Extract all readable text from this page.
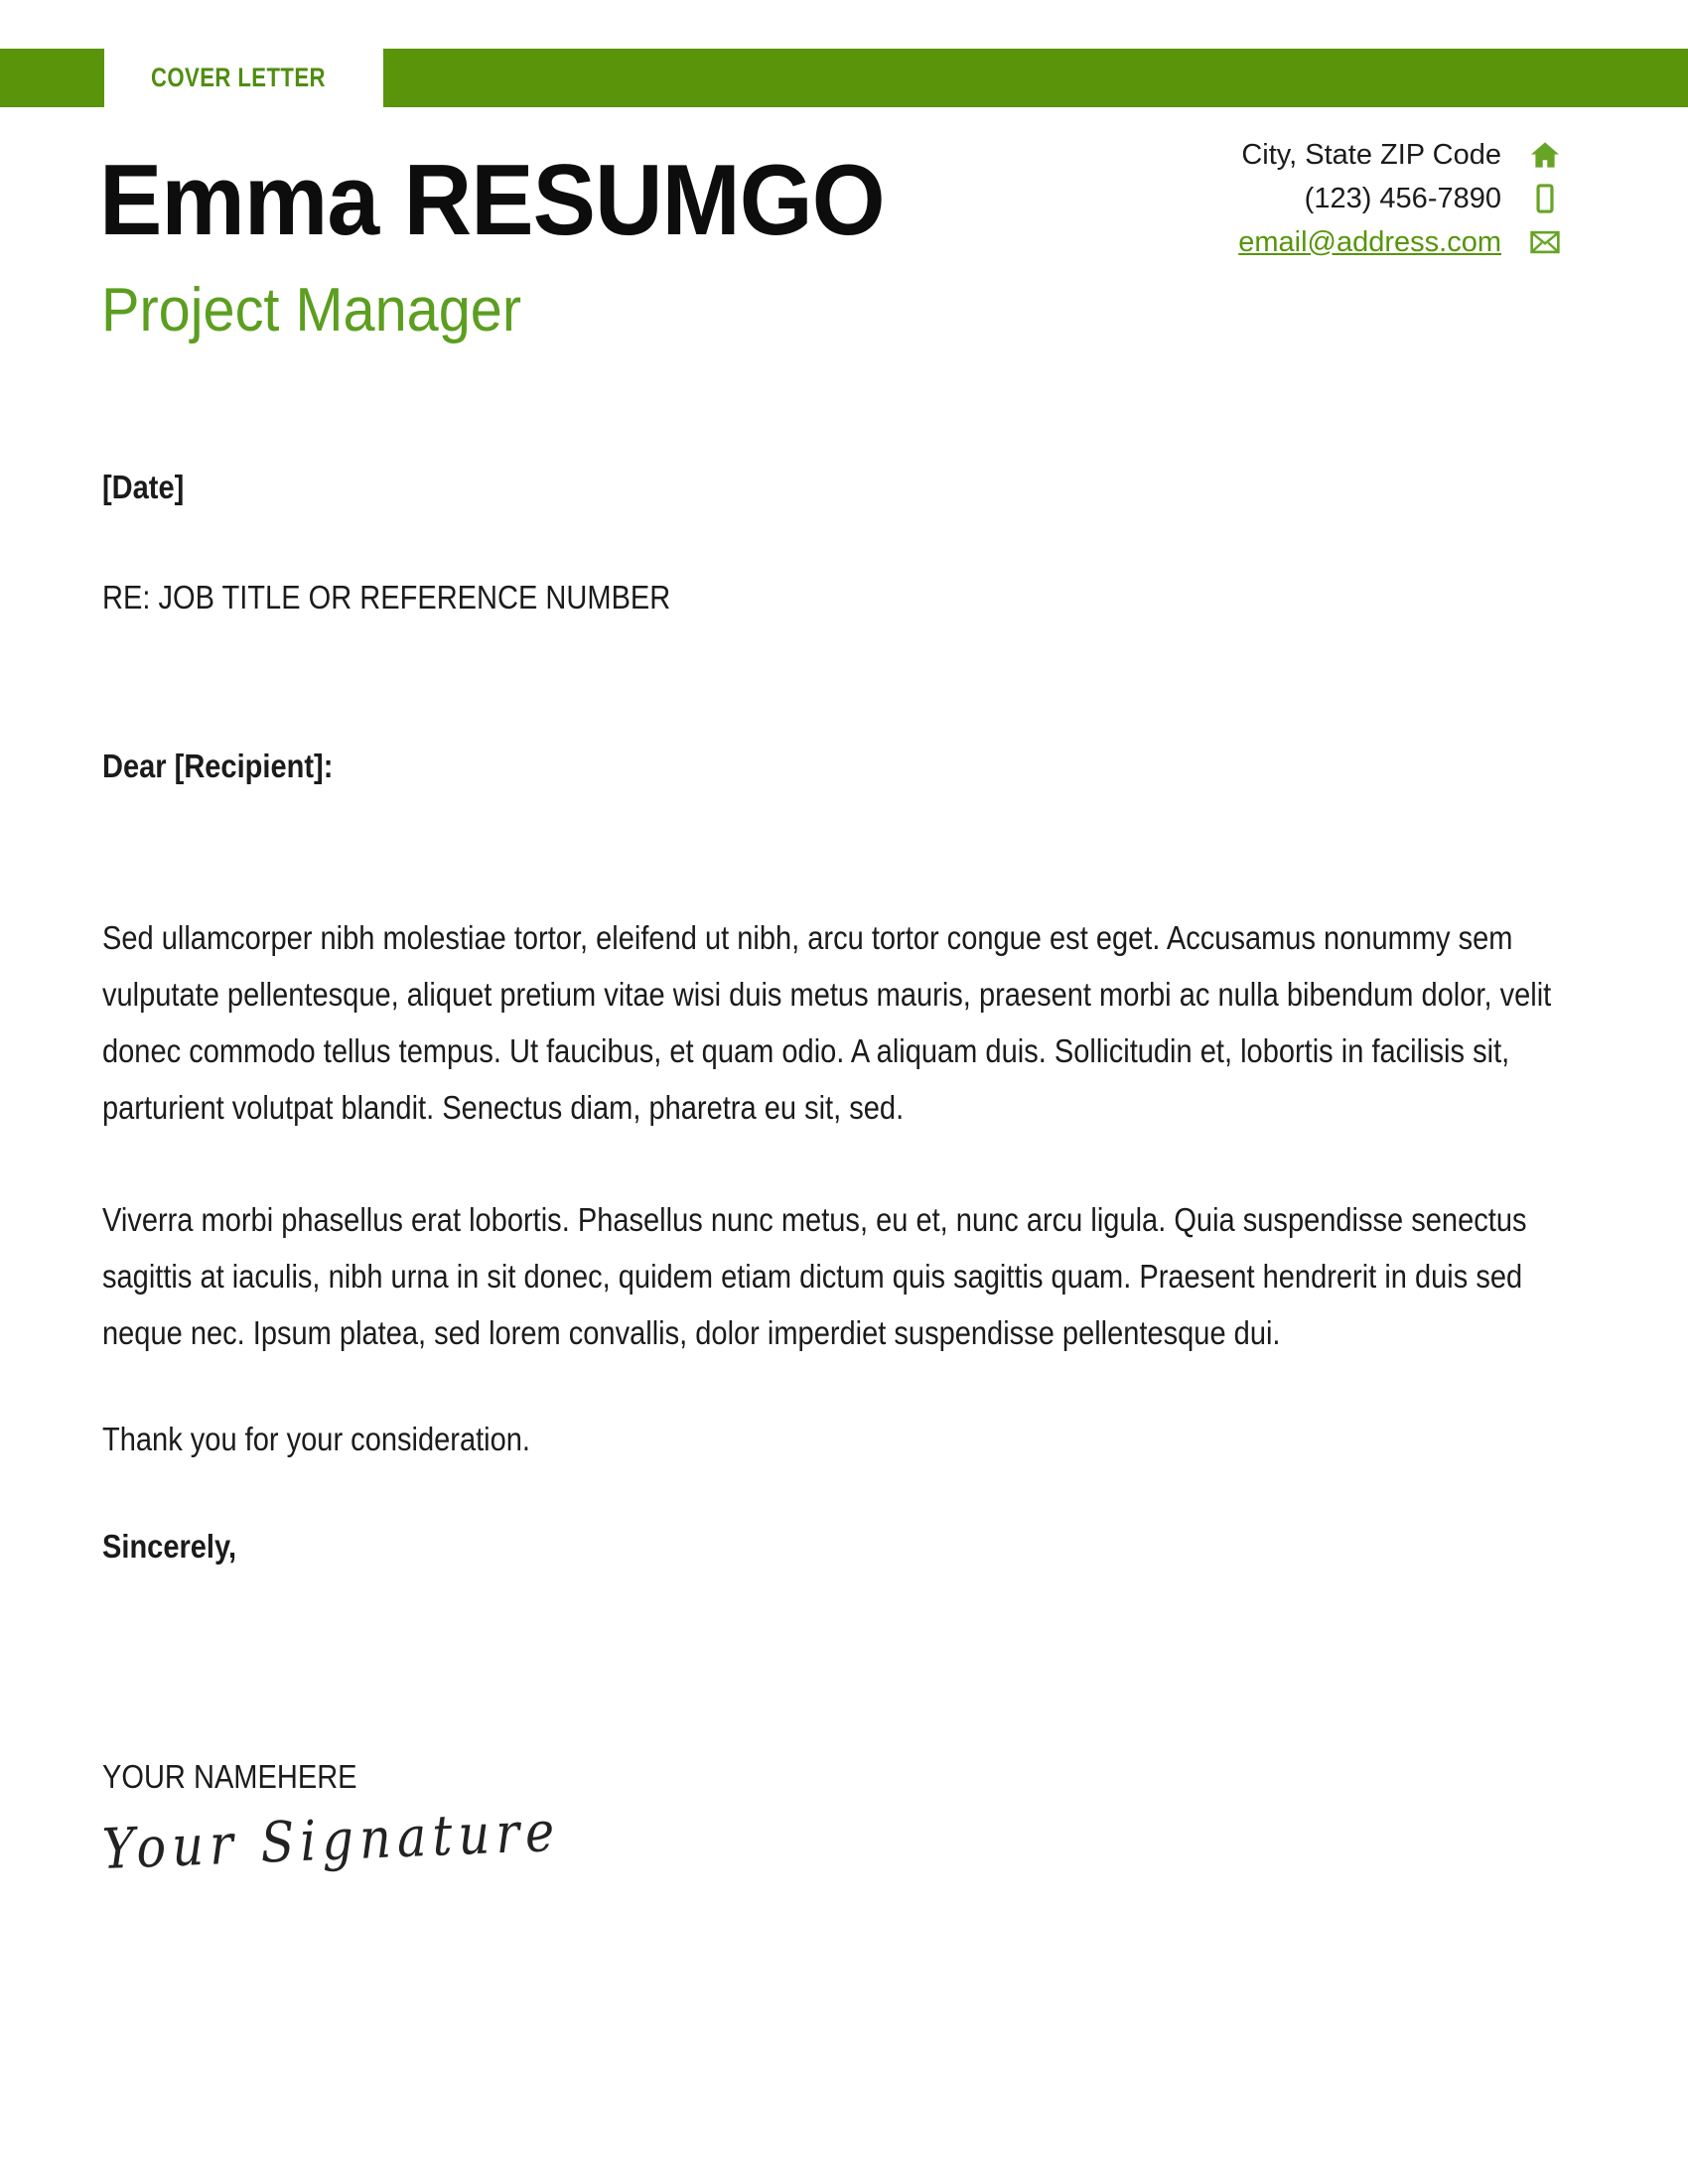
COVER LETTER
Emma RESUMGO
Project Manager
City, State ZIP Code
(123) 456-7890
email@address.com
[Date]
RE: JOB TITLE OR REFERENCE NUMBER
Dear [Recipient]:
Sed ullamcorper nibh molestiae tortor, eleifend ut nibh, arcu tortor congue est eget. Accusamus nonummy sem vulputate pellentesque, aliquet pretium vitae wisi duis metus mauris, praesent morbi ac nulla bibendum dolor, velit donec commodo tellus tempus. Ut faucibus, et quam odio. A aliquam duis. Sollicitudin et, lobortis in facilisis sit, parturient volutpat blandit. Senectus diam, pharetra eu sit, sed.
Viverra morbi phasellus erat lobortis. Phasellus nunc metus, eu et, nunc arcu ligula. Quia suspendisse senectus sagittis at iaculis, nibh urna in sit donec, quidem etiam dictum quis sagittis quam. Praesent hendrerit in duis sed neque nec. Ipsum platea, sed lorem convallis, dolor imperdiet suspendisse pellentesque dui.
Thank you for your consideration.
Sincerely,
YOUR NAMEHERE
Your Signature
